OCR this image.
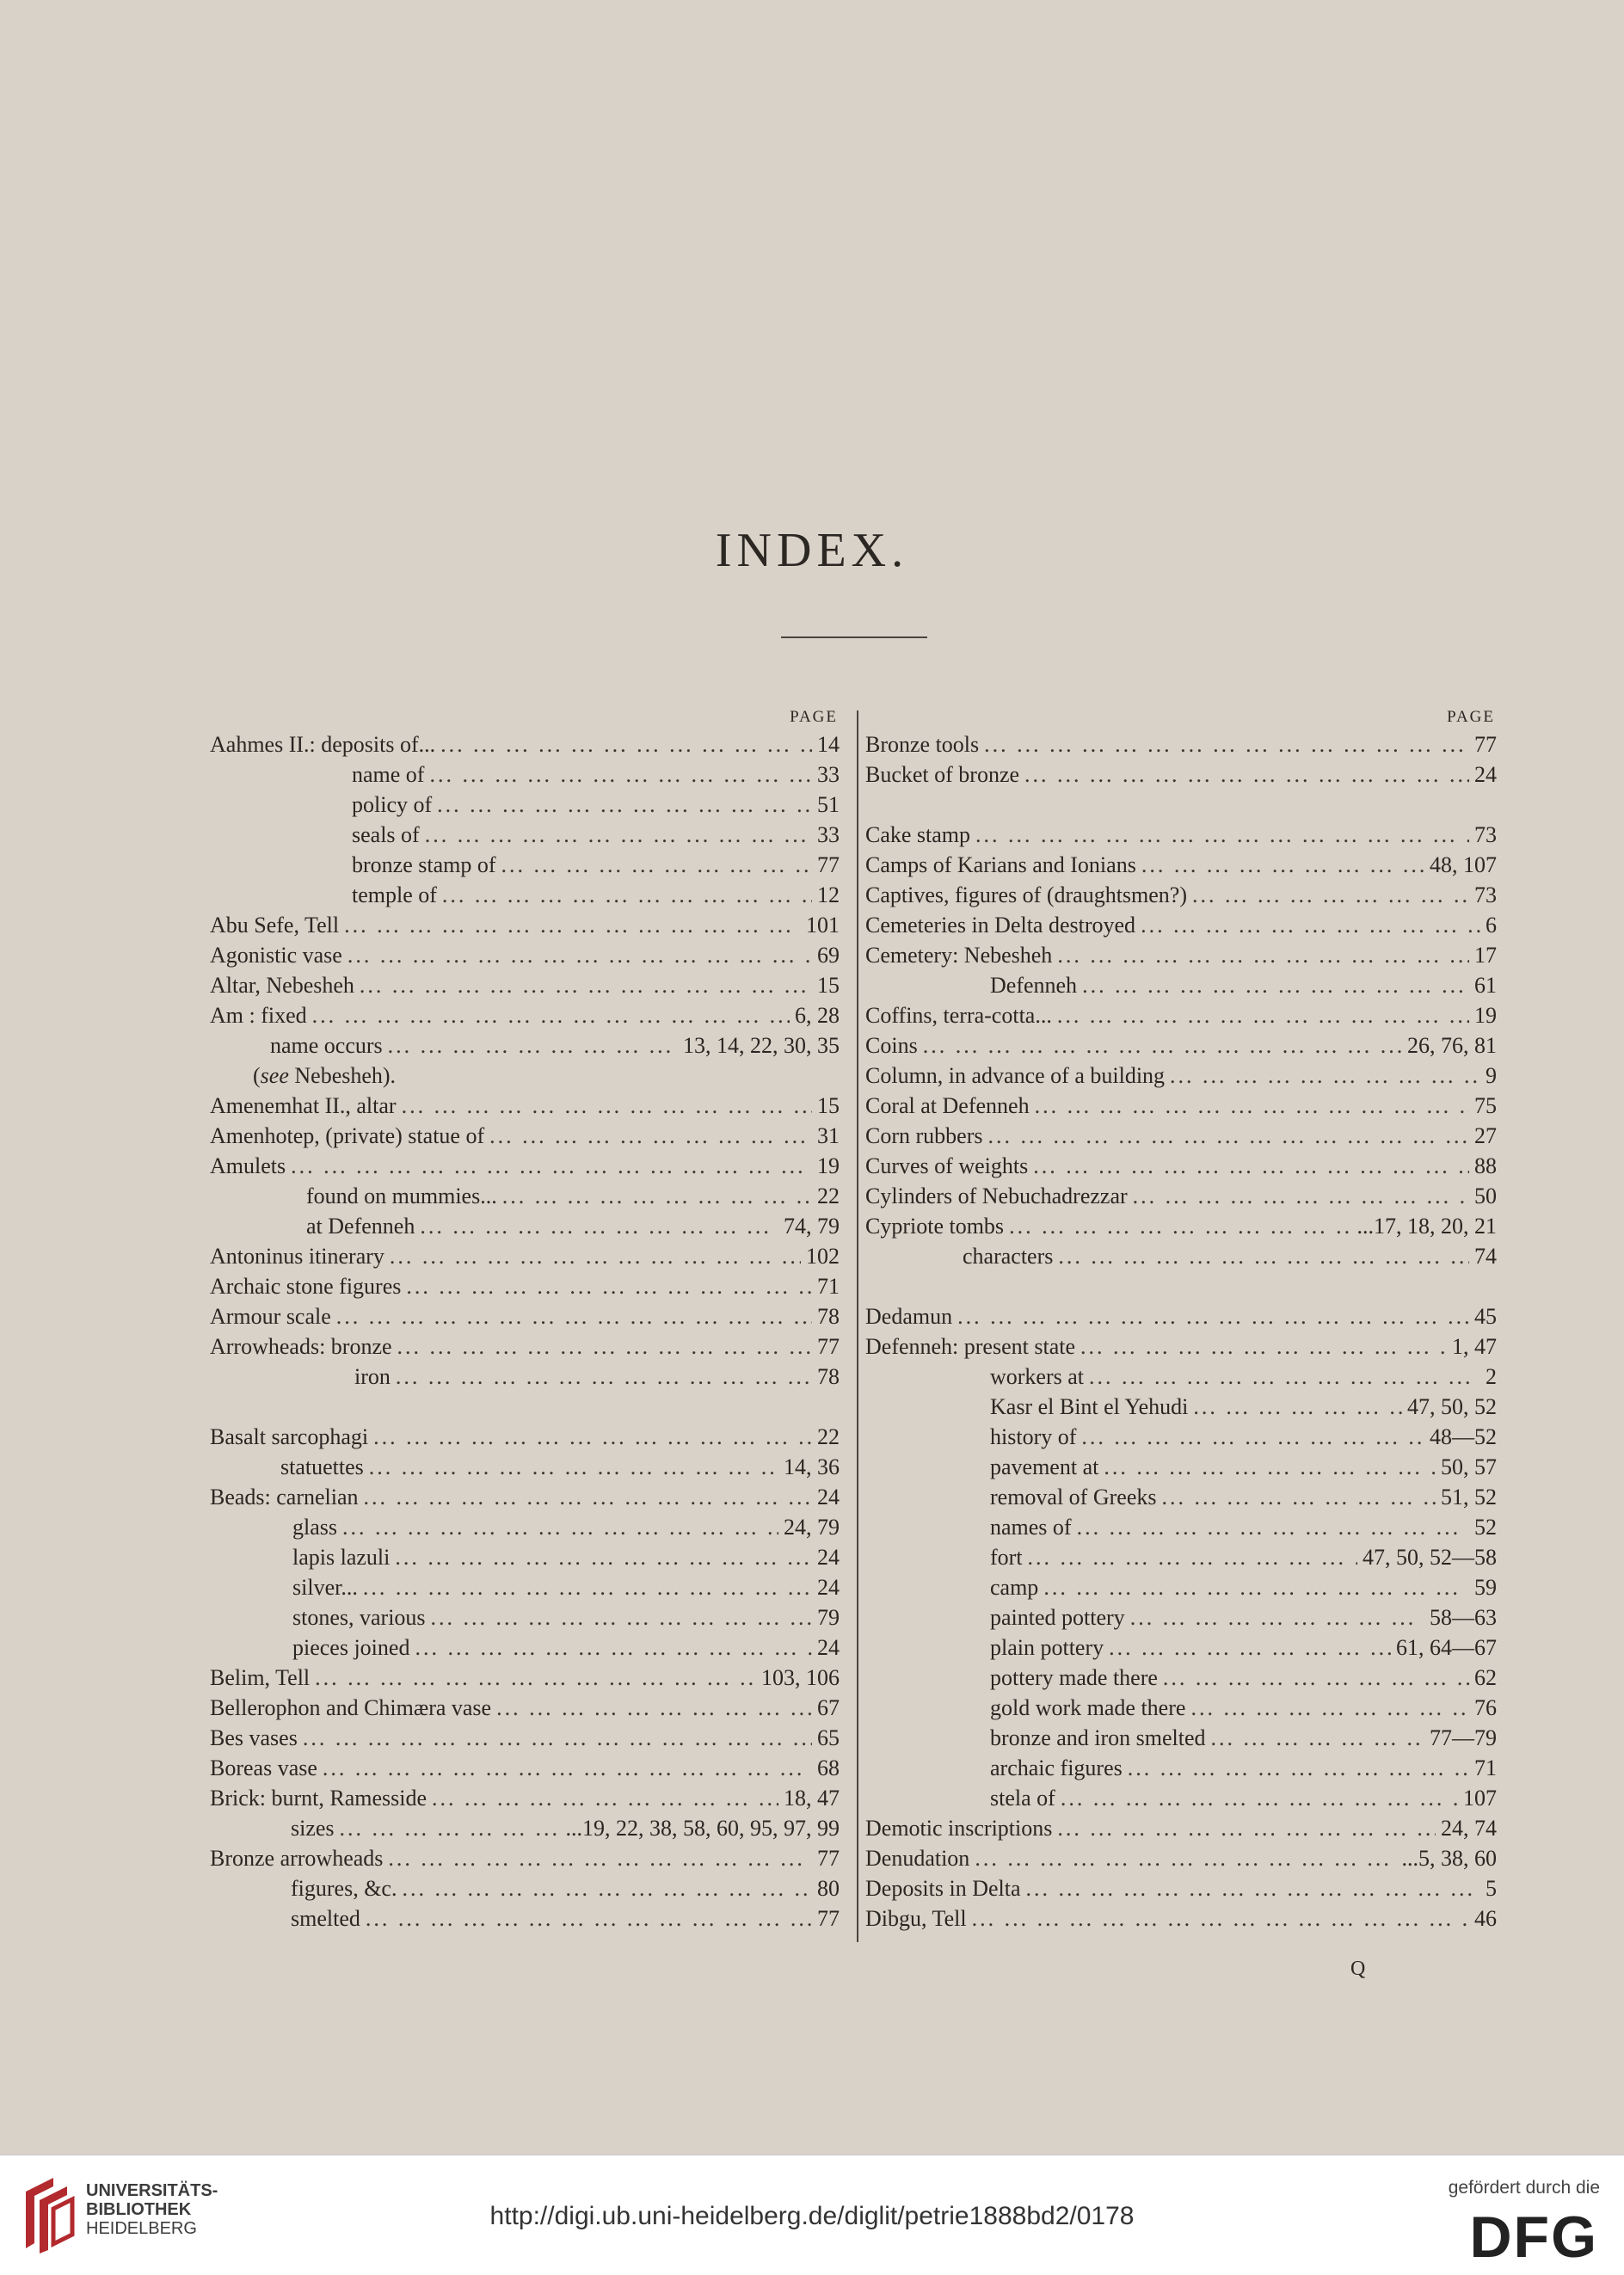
INDEX.
PAGE
Aahmes II.: deposits of... ... .	14
name of ... .	33
policy of ... .	51
seals of ... .	33
bronze stamp of ... .	77
temple of ... .	12
Abu Sefe, Tell ... .	101
Agonistic vase ... .	69
Altar, Nebesheh ... .	15
Am : fixed ... .	6, 28
name occurs ... .	13, 14, 22, 30, 35
(see Nebesheh).
Amenemhat II., altar ... .	15
Amenhotep, (private) statue of ... .	31
Amulets ... .	19
found on mummies... ... .	22
at Defenneh ... .	74, 79
Antoninus itinerary ... .	102
Archaic stone figures ... .	71
Armour scale ... .	78
Arrowheads: bronze ... .	77
iron ... .	78
Basalt sarcophagi ... .	22
statuettes ... .	14, 36
Beads: carnelian ... .	24
glass ... .	24, 79
lapis lazuli ... .	24
silver... ... .	24
stones, various ... .	79
pieces joined ... .	24
Belim, Tell ... .	103, 106
Bellerophon and Chimæra vase ... .	67
Bes vases ... .	65
Boreas vase ... .	68
Brick: burnt, Ramesside ... .	18, 47
sizes ... .	...19, 22, 38, 58, 60, 95, 97, 99
Bronze arrowheads ... .	77
figures, &c. ... .	80
smelted ... .	77
PAGE
Bronze tools ... .	77
Bucket of bronze ... .	24
Cake stamp ... .	73
Camps of Karians and Ionians ... .	48, 107
Captives, figures of (draughtsmen?) ... .	73
Cemeteries in Delta destroyed ... .	6
Cemetery: Nebesheh ... .	17
Defenneh ... .	61
Coffins, terra-cotta... ... .	19
Coins ... .	26, 76, 81
Column, in advance of a building ... .	9
Coral at Defenneh ... .	75
Corn rubbers ... .	27
Curves of weights ... .	88
Cylinders of Nebuchadrezzar ... .	50
Cypriote tombs ... .	...17, 18, 20, 21
characters ... .	74
Dedamun ... .	45
Defenneh: present state ... .	1, 47
workers at ... .	2
Kasr el Bint el Yehudi ... .	47, 50, 52
history of ... .	48—52
pavement at ... .	50, 57
removal of Greeks ... .	51, 52
names of ... .	52
fort ... .	47, 50, 52—58
camp ... .	59
painted pottery ... .	58—63
plain pottery ... .	61, 64—67
pottery made there ... .	62
gold work made there ... .	76
bronze and iron smelted ... .	77—79
archaic figures ... .	71
stela of ... .	107
Demotic inscriptions ... .	24, 74
Denudation ... .	...5, 38, 60
Deposits in Delta ... .	5
Dibgu, Tell ... .	46
Q
UNIVERSITÄTS-
BIBLIOTHEK
HEIDELBERG	http://digi.ub.uni-heidelberg.de/diglit/petrie1888bd2/0178
gefördert durch die
DFG
